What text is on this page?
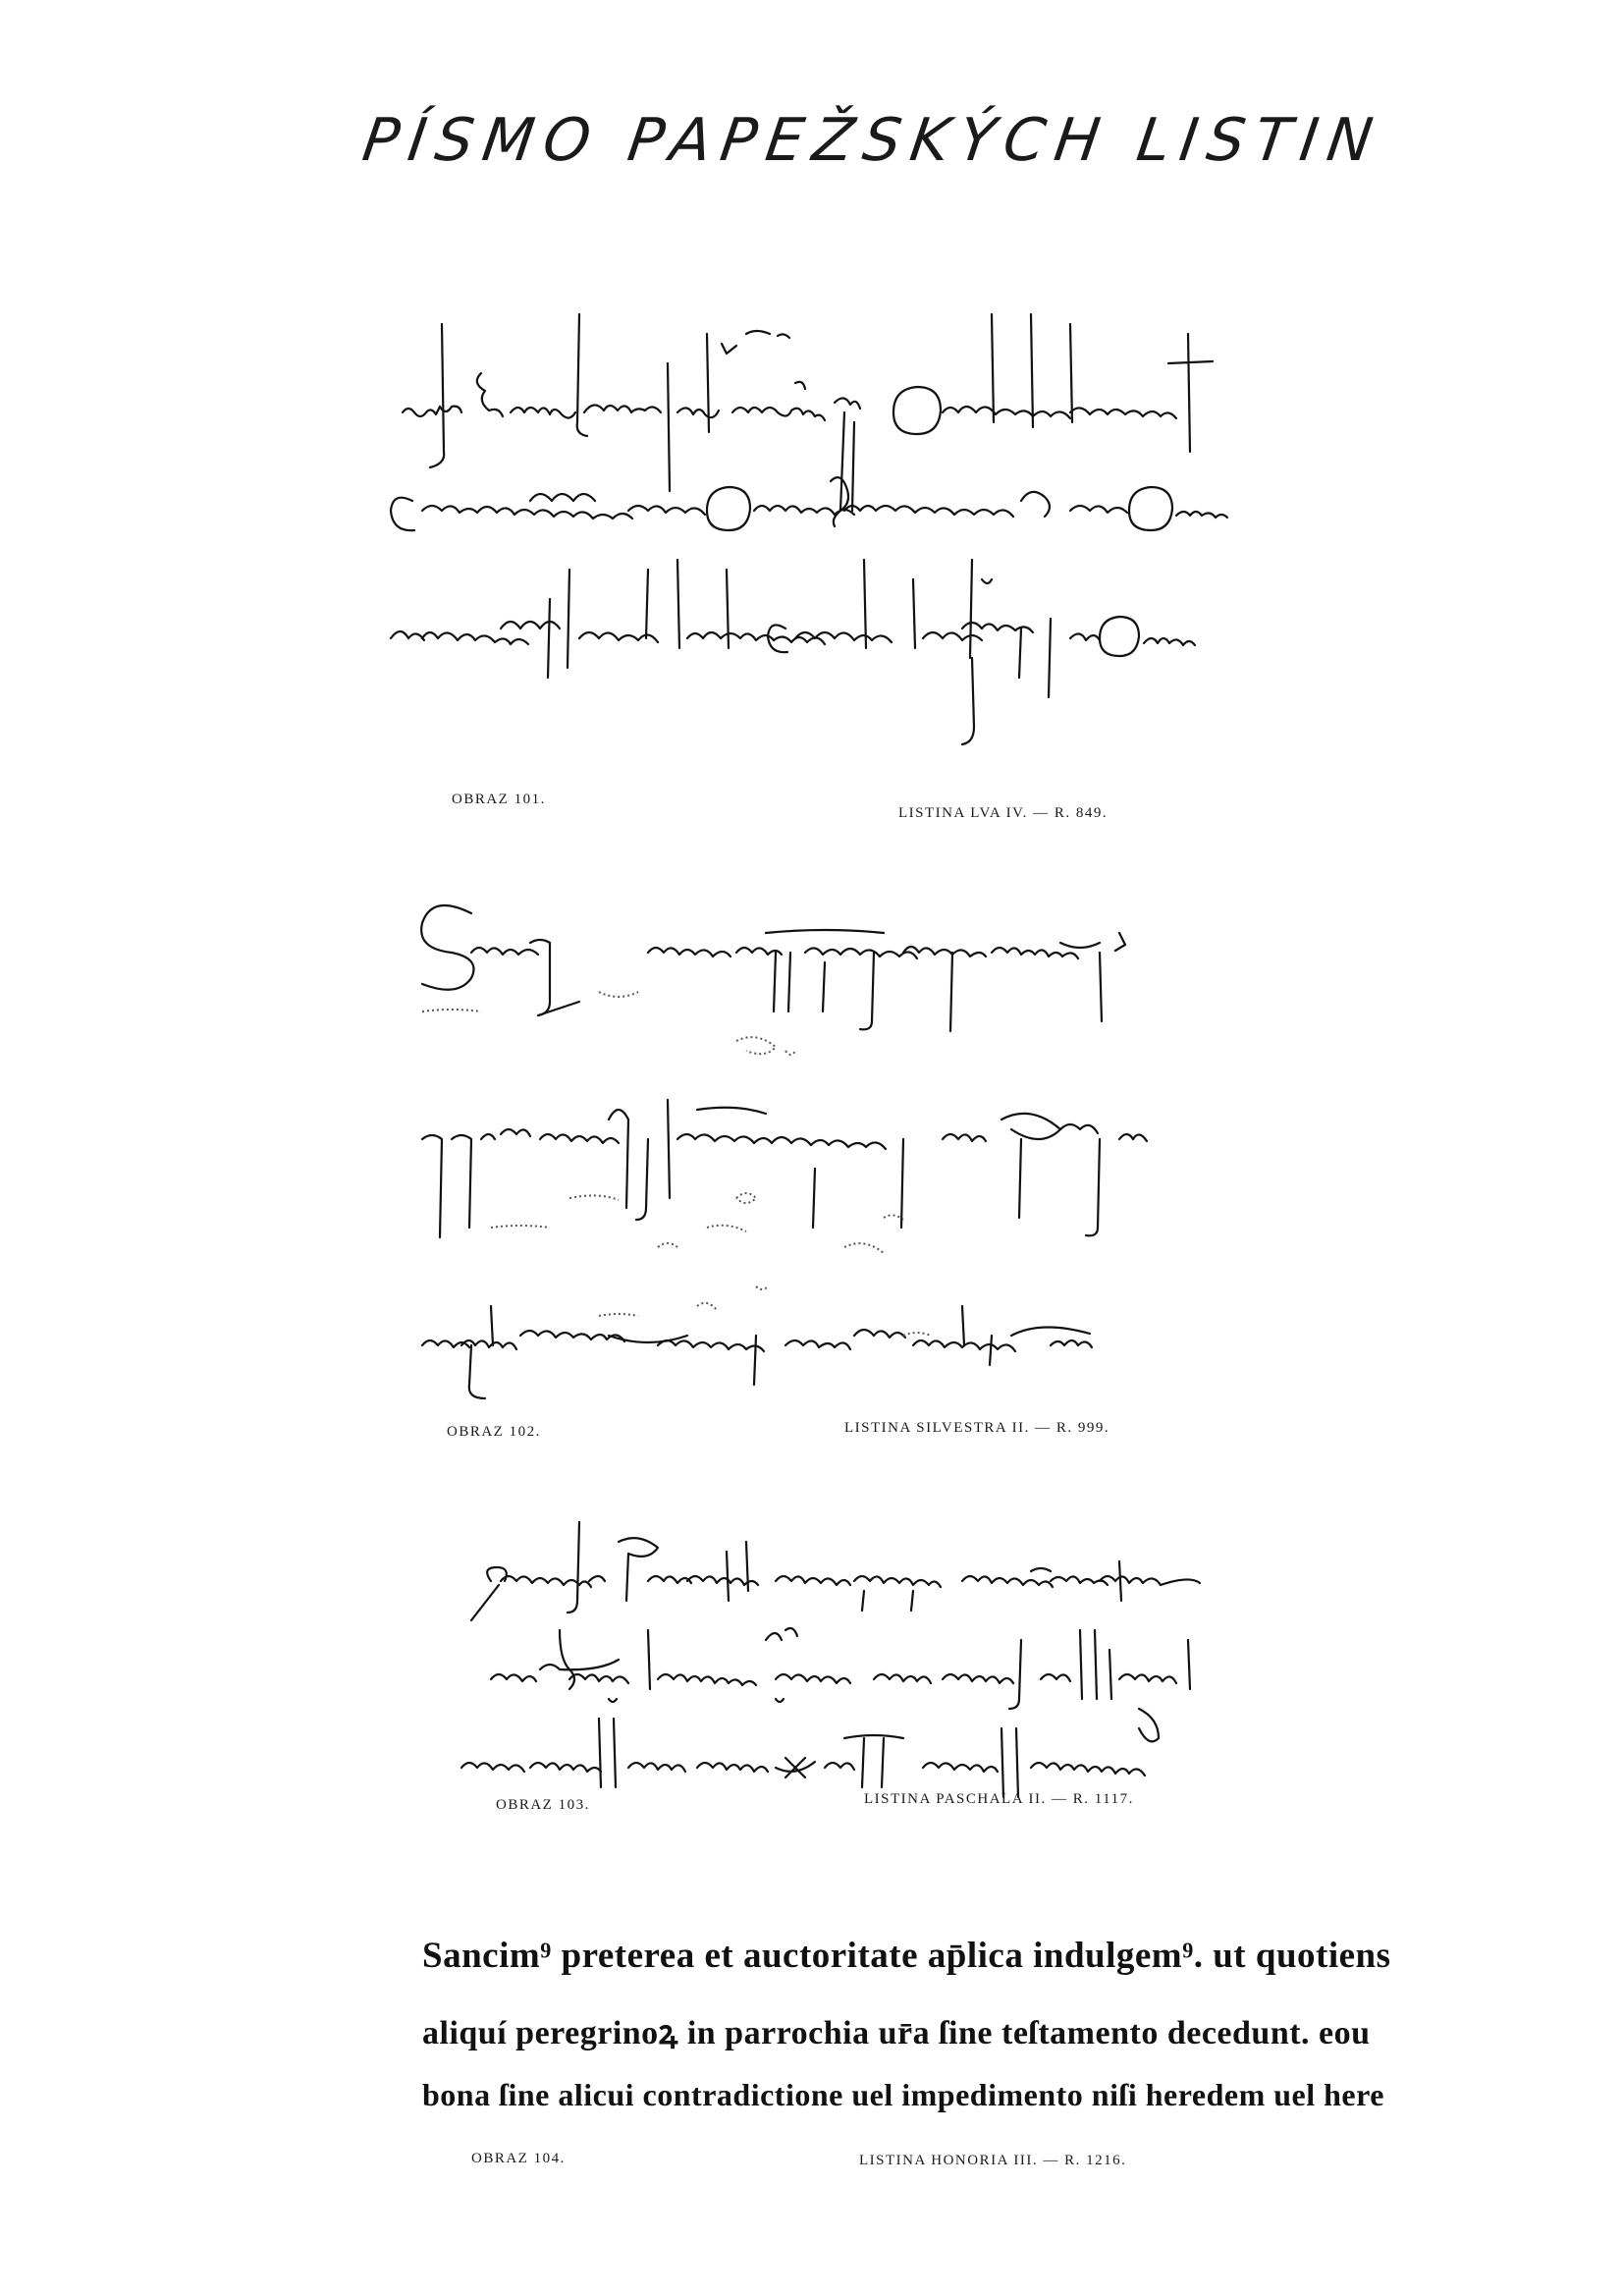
PÍSMO PAPEŽSKÝCH LISTIN
OBRAZ 101.
LISTINA LVA IV. — R. 849.
OBRAZ 102.	LISTINA SILVESTRA II. — R. 999.
OBRAZ 103.	LISTINA PASCHALA II. — R. 1117.
Sancim⁹ preterea et auctoritate ap̄lica indulgem⁹. ut quotiens
aliquí peregrinoꝝ in parrochia ur̄a ſine teſtamento decedunt. eou
bona ſine alicui contradictione uel impedimento niſi heredem uel here
OBRAZ 104.	LISTINA HONORIA III. — R. 1216.
